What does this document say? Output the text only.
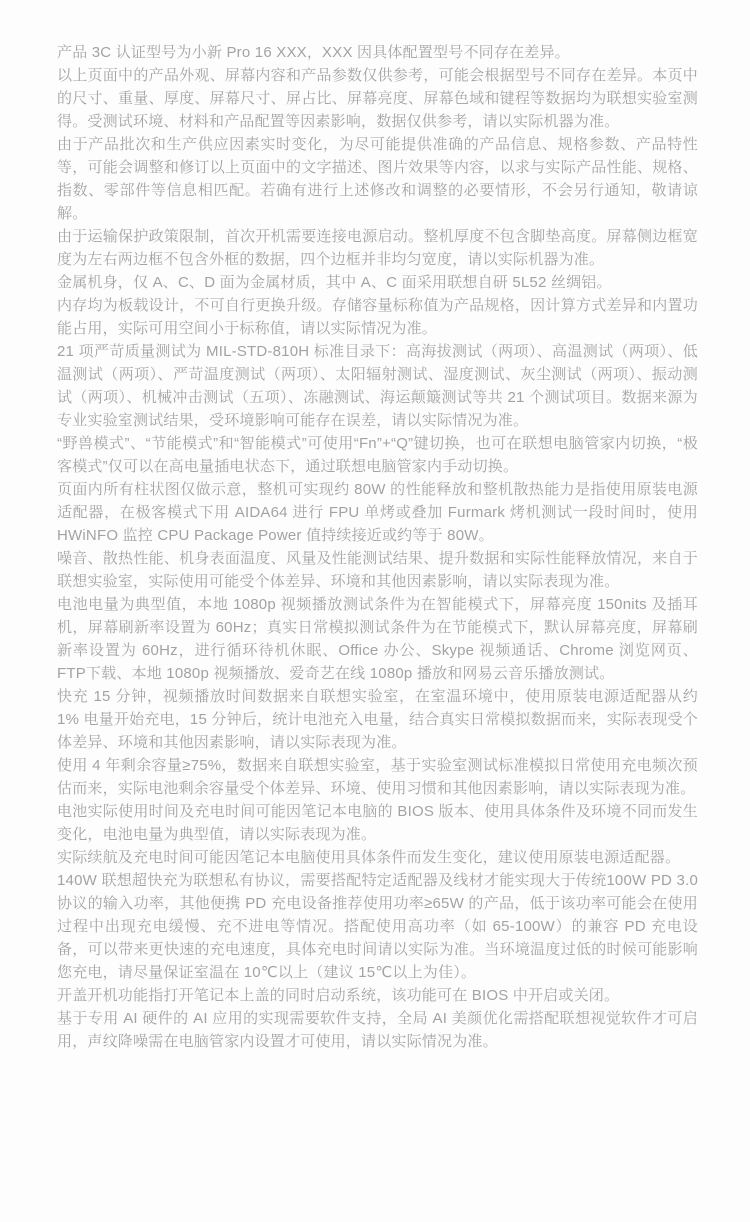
产品 3C 认证型号为小新 Pro 16 XXX，XXX 因具体配置型号不同存在差异。

以上页面中的产品外观、屏幕内容和产品参数仅供参考，可能会根据型号不同存在差异。本页中的尺寸、重量、厚度、屏幕尺寸、屏占比、屏幕亮度、屏幕色域和键程等数据均为联想实验室测得。受测试环境、材料和产品配置等因素影响，数据仅供参考，请以实际机器为准。

由于产品批次和生产供应因素实时变化，为尽可能提供准确的产品信息、规格参数、产品特性等，可能会调整和修订以上页面中的文字描述、图片效果等内容，以求与实际产品性能、规格、指数、零部件等信息相匹配。若确有进行上述修改和调整的必要情形，不会另行通知，敬请谅解。

由于运输保护政策限制，首次开机需要连接电源启动。整机厚度不包含脚垫高度。屏幕侧边框宽度为左右两边框不包含外框的数据，四个边框并非均匀宽度，请以实际机器为准。

金属机身，仅 A、C、D 面为金属材质，其中 A、C 面采用联想自研 5L52 丝绸铝。

内存均为板载设计，不可自行更换升级。存储容量标称值为产品规格，因计算方式差异和内置功能占用，实际可用空间小于标称值，请以实际情况为准。

21 项严苛质量测试为 MIL-STD-810H 标准目录下：高海拔测试（两项）、高温测试（两项）、低温测试（两项）、严苛温度测试（两项）、太阳辐射测试、湿度测试、灰尘测试（两项）、振动测试（两项）、机械冲击测试（五项）、冻融测试、海运颠簸测试等共 21 个测试项目。数据来源为专业实验室测试结果，受环境影响可能存在误差，请以实际情况为准。

“野兽模式”、“节能模式”和“智能模式”可使用“Fn”+“Q”键切换，也可在联想电脑管家内切换，“极客模式”仅可以在高电量插电状态下，通过联想电脑管家内手动切换。

页面内所有柱状图仅做示意，整机可实现约 80W 的性能释放和整机散热能力是指使用原装电源适配器，在极客模式下用 AIDA64 进行 FPU 单烤或叠加 Furmark 烤机测试一段时间时，使用 HWiNFO 监控 CPU Package Power 值持续接近或约等于 80W。

噪音、散热性能、机身表面温度、风量及性能测试结果、提升数据和实际性能释放情况，来自于联想实验室，实际使用可能受个体差异、环境和其他因素影响，请以实际表现为准。

电池电量为典型值，本地 1080p 视频播放测试条件为在智能模式下，屏幕亮度 150nits 及插耳机，屏幕刷新率设置为 60Hz；真实日常模拟测试条件为在节能模式下，默认屏幕亮度，屏幕刷新率设置为 60Hz，进行循环待机休眠、Office 办公、Skype 视频通话、Chrome 浏览网页、FTP下载、本地 1080p 视频播放、爱奇艺在线 1080p 播放和网易云音乐播放测试。

快充 15 分钟，视频播放时间数据来自联想实验室，在室温环境中，使用原装电源适配器从约 1% 电量开始充电，15 分钟后，统计电池充入电量，结合真实日常模拟数据而来，实际表现受个体差异、环境和其他因素影响，请以实际表现为准。

使用 4 年剩余容量≥75%，数据来自联想实验室，基于实验室测试标准模拟日常使用充电频次预估而来，实际电池剩余容量受个体差异、环境、使用习惯和其他因素影响，请以实际表现为准。

电池实际使用时间及充电时间可能因笔记本电脑的 BIOS 版本、使用具体条件及环境不同而发生变化，电池电量为典型值，请以实际表现为准。

实际续航及充电时间可能因笔记本电脑使用具体条件而发生变化，建议使用原装电源适配器。

140W 联想超快充为联想私有协议，需要搭配特定适配器及线材才能实现大于传统100W PD 3.0 协议的输入功率，其他便携 PD 充电设备推荐使用功率≥65W 的产品，低于该功率可能会在使用过程中出现充电缓慢、充不进电等情况。搭配使用高功率（如 65-100W）的兼容 PD 充电设备，可以带来更快速的充电速度，具体充电时间请以实际为准。当环境温度过低的时候可能影响您充电，请尽量保证室温在 10℃以上（建议 15℃以上为佳）。

开盖开机功能指打开笔记本上盖的同时启动系统，该功能可在 BIOS 中开启或关闭。

基于专用 AI 硬件的 AI 应用的实现需要软件支持，全局 AI 美颜优化需搭配联想视觉软件才可启用，声纹降噪需在电脑管家内设置才可使用，请以实际情况为准。
